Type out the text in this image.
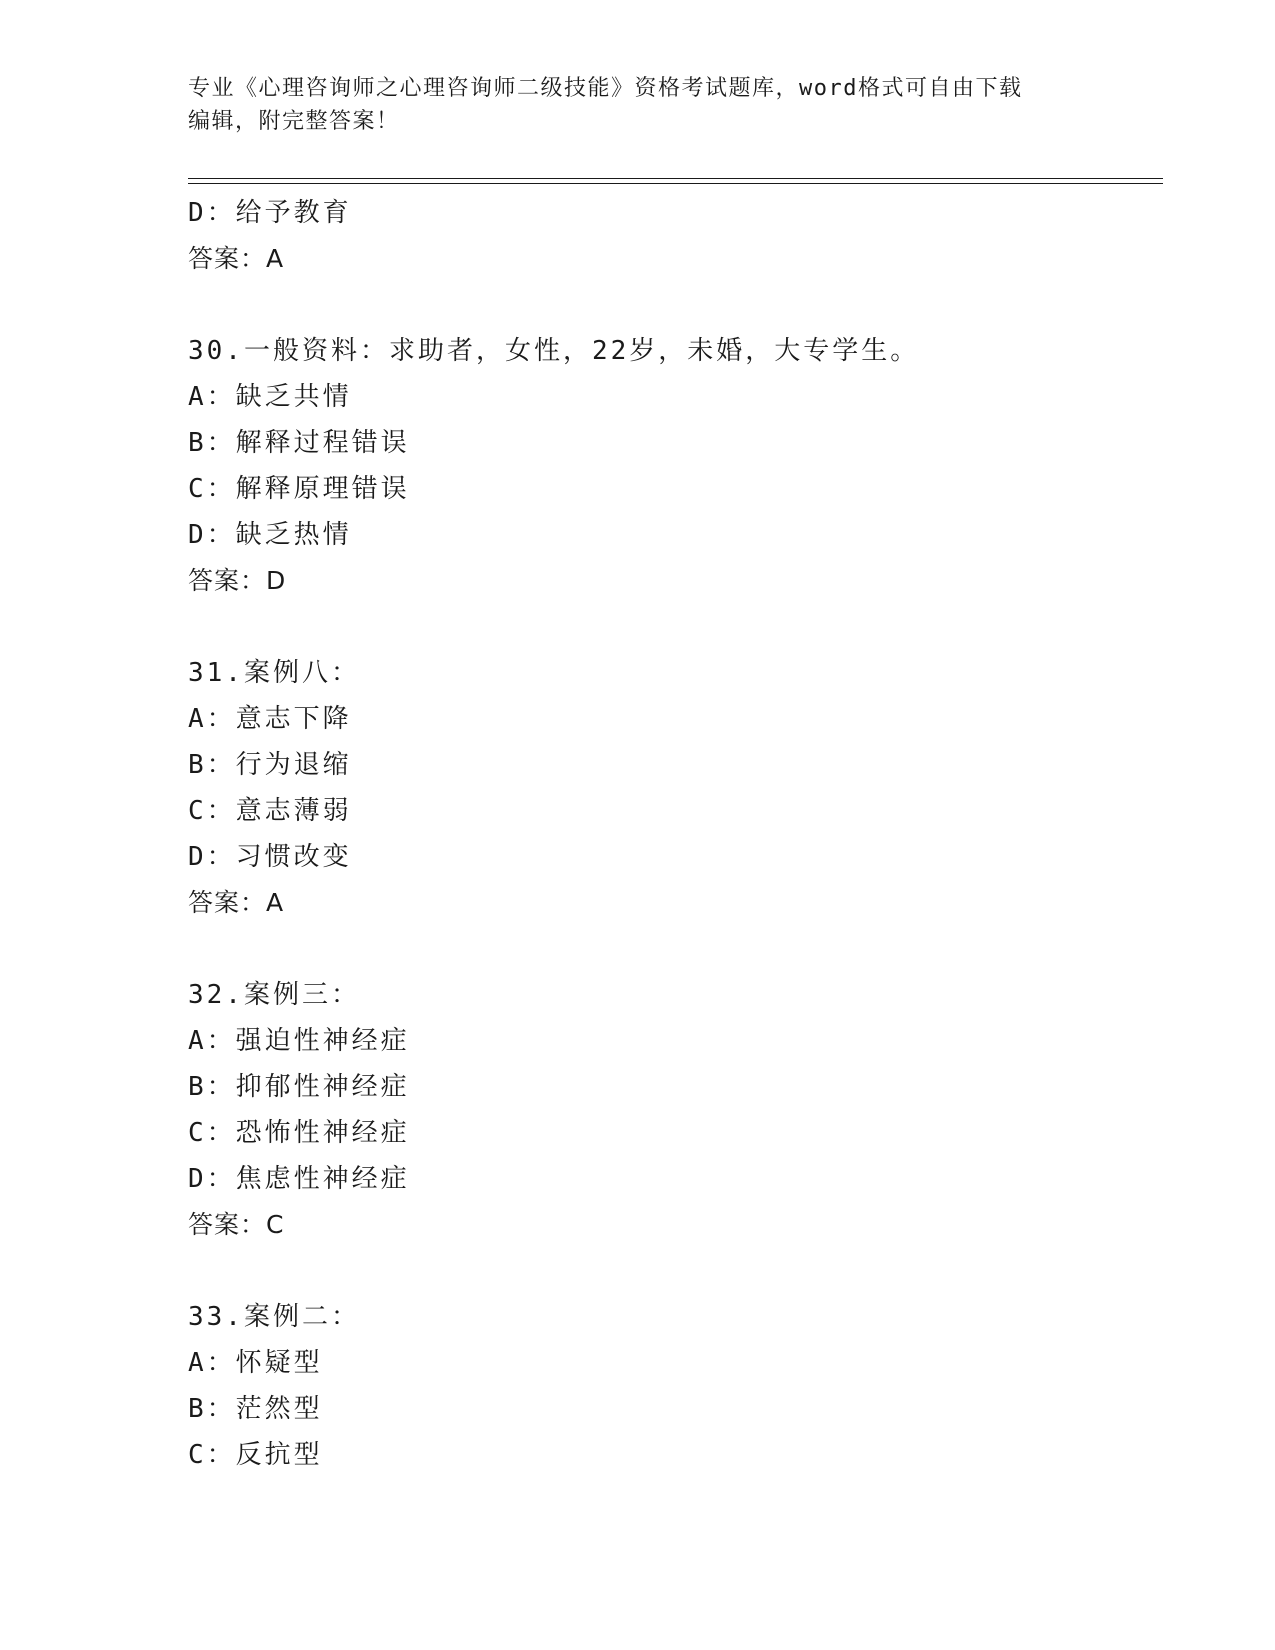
专业《心理咨询师之心理咨询师二级技能》资格考试题库，word格式可自由下载
编辑，附完整答案！
D：给予教育
答案：A
30.一般资料：求助者，女性，22岁，未婚，大专学生。
A：缺乏共情
B：解释过程错误
C：解释原理错误
D：缺乏热情
答案：D
31.案例八：
A：意志下降
B：行为退缩
C：意志薄弱
D：习惯改变
答案：A
32.案例三：
A：强迫性神经症
B：抑郁性神经症
C：恐怖性神经症
D：焦虑性神经症
答案：C
33.案例二：
A：怀疑型
B：茫然型
C：反抗型
